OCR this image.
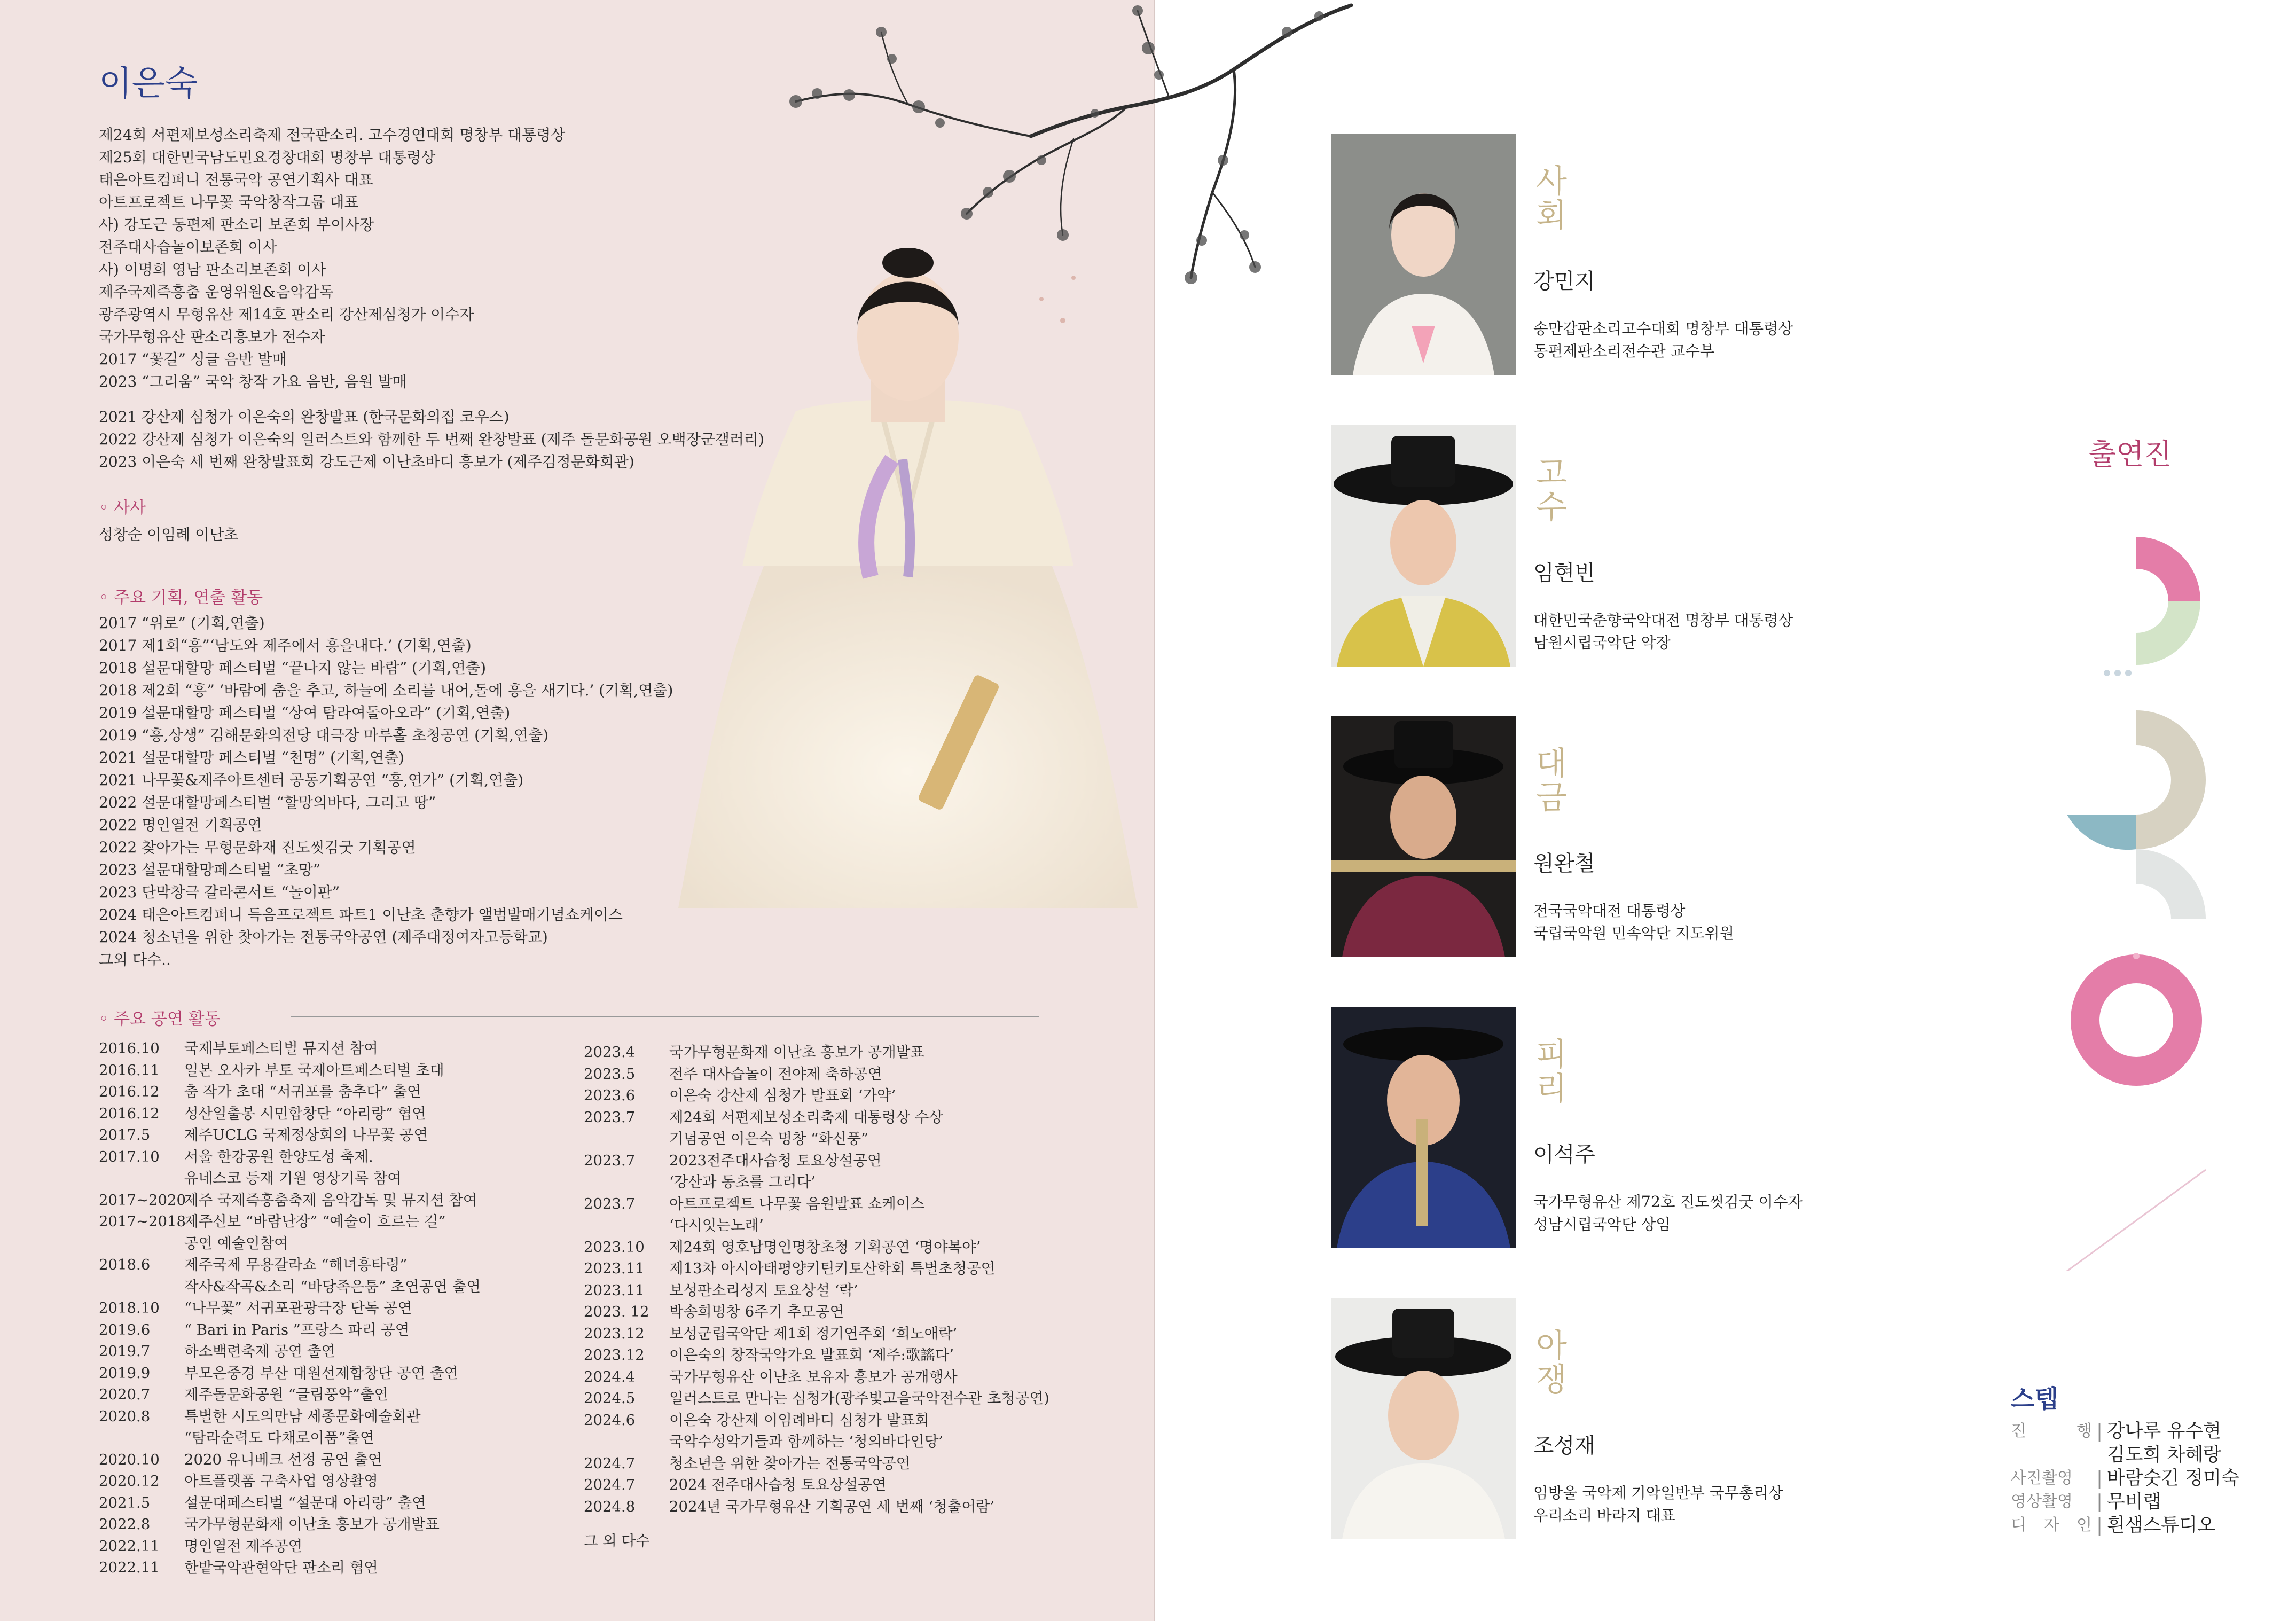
이은숙
제24회 서편제보성소리축제 전국판소리. 고수경연대회 명창부 대통령상
제25회 대한민국남도민요경창대회 명창부 대통령상
태은아트컴퍼니 전통국악 공연기획사 대표
아트프로젝트 나무꽃 국악창작그룹 대표
사) 강도근 동편제 판소리 보존회 부이사장
전주대사습놀이보존회 이사
사) 이명희 영남 판소리보존회 이사
제주국제즉흥춤 운영위원&음악감독
광주광역시 무형유산 제14호 판소리 강산제심청가 이수자
국가무형유산 판소리흥보가 전수자
2017 “꽃길” 싱글 음반 발매
2023 “그리움” 국악 창작 가요 음반, 음원 발매
2021 강산제 심청가 이은숙의 완창발표 (한국문화의집 코우스)
2022 강산제 심청가 이은숙의 일러스트와 함께한 두 번째 완창발표 (제주 돌문화공원 오백장군갤러리)
2023 이은숙 세 번째 완창발표회 강도근제 이난초바디 흥보가 (제주김정문화회관)
◦ 사사
성창순 이임례 이난초
◦ 주요 기획, 연출 활동
2017 “위로” (기획,연출)
2017 제1회“흥”‘남도와 제주에서 흥을내다.’ (기획,연출)
2018 설문대할망 페스티벌 “끝나지 않는 바람” (기획,연출)
2018 제2회 “흥” ‘바람에 춤을 추고, 하늘에 소리를 내어,돌에 흥을 새기다.’ (기획,연출)
2019 설문대할망 페스티벌 “상여 탐라여돌아오라” (기획,연출)
2019 “흥,상생” 김해문화의전당 대극장 마루홀 초청공연 (기획,연출)
2021 설문대할망 페스티벌 “천명” (기획,연출)
2021 나무꽃&제주아트센터 공동기획공연 “흥,연가” (기획,연출)
2022 설문대할망페스티벌 “할망의바다, 그리고 땅”
2022 명인열전 기획공연
2022 찾아가는 무형문화재 진도씻김굿 기획공연
2023 설문대할망페스티벌 “초망”
2023 단막창극 갈라콘서트 “놀이판”
2024 태은아트컴퍼니 득음프로젝트 파트1 이난초 춘향가 앨범발매기념쇼케이스
2024 청소년을 위한 찾아가는 전통국악공연 (제주대정여자고등학교)
그외 다수..
◦ 주요 공연 활동
2016.10	국제부토페스티벌 뮤지션 참여
2016.11	일본 오사카 부토 국제아트페스티벌 초대
2016.12	춤 작가 초대 “서귀포를 춤추다” 출연
2016.12	성산일출봉 시민합창단 “아리랑” 협연
2017.5	제주UCLG 국제정상회의 나무꽃 공연
2017.10	서울 한강공원 한양도성 축제.
유네스코 등재 기원 영상기록 참여
2017~2020
제주 국제즉흥춤축제 음악감독 및 뮤지션 참여
2017~2018
제주신보 “바람난장” “예술이 흐르는 길”
공연 예술인참여
2018.6	제주국제 무용갈라쇼 “해녀흥타령”
작사&작곡&소리 “바당족은툼” 초연공연 출연
2018.10	“나무꽃” 서귀포관광극장 단독 공연
2019.6	“ Bari in Paris ”프랑스 파리 공연
2019.7	하소백련축제 공연 출연
2019.9	부모은중경 부산 대원선제합창단 공연 출연
2020.7	제주돌문화공원 “글림풍악”출연
2020.8	특별한 시도의만남 세종문화예술회관
“탐라순력도 다채로이품”출연
2020.10	2020 유니베크 선정 공연 출연
2020.12	아트플랫폼 구축사업 영상촬영
2021.5	설문대페스티벌 “설문대 아리랑” 출연
2022.8	국가무형문화재 이난초 흥보가 공개발표
2022.11	명인열전 제주공연
2022.11	한밭국악관현악단 판소리 협연
2023.4	국가무형문화재 이난초 흥보가 공개발표
2023.5	전주 대사습놀이 전야제 축하공연
2023.6	이은숙 강산제 심청가 발표회 ‘가약’
2023.7	제24회 서편제보성소리축제 대통령상 수상
기념공연 이은숙 명창 “화신풍”
2023.7	2023전주대사습청 토요상설공연
‘강산과 동초를 그리다’
2023.7	아트프로젝트 나무꽃 음원발표 쇼케이스
‘다시잇는노래’
2023.10	제24회 영호남명인명창초청 기획공연 ‘명야복야’
2023.11	제13차 아시아태평양키틴키토산학회 특별초청공연
2023.11	보성판소리성지 토요상설 ‘락’
2023. 12	박송희명창 6주기 추모공연
2023.12	보성군립국악단 제1회 정기연주회 ‘희노애락’
2023.12	이은숙의 창작국악가요 발표회 ‘제주:歌謠다’
2024.4	국가무형유산 이난초 보유자 흥보가 공개행사
2024.5	일러스트로 만나는 심청가(광주빛고을국악전수관 초청공연)
2024.6	이은숙 강산제 이임례바디 심청가 발표회
국악수성악기들과 함께하는 ‘청의바다인당’
2024.7	청소년을 위한 찾아가는 전통국악공연
2024.7	2024 전주대사습청 토요상설공연
2024.8	2024년 국가무형유산 기획공연 세 번째 ‘청출어람’
그 외 다수
사회
강민지
송만갑판소리고수대회 명창부 대통령상
동편제판소리전수관 교수부
고수
임현빈
대한민국춘향국악대전 명창부 대통령상
남원시립국악단 악장
대금
원완철
전국국악대전 대통령상
국립국악원 민속악단 지도위원
피리
이석주
국가무형유산 제72호 진도씻김굿 이수자
성남시립국악단 상임
아쟁
조성재
임방울 국악제 기악일반부 국무총리상
우리소리 바라지 대표
출연진
스텝
진 행 | 강나루 유수현
김도희 차혜랑
사진촬영	| 바람숫긴 정미숙
영상촬영	| 무비랩
디 자 인 | 흰샘스튜디오
